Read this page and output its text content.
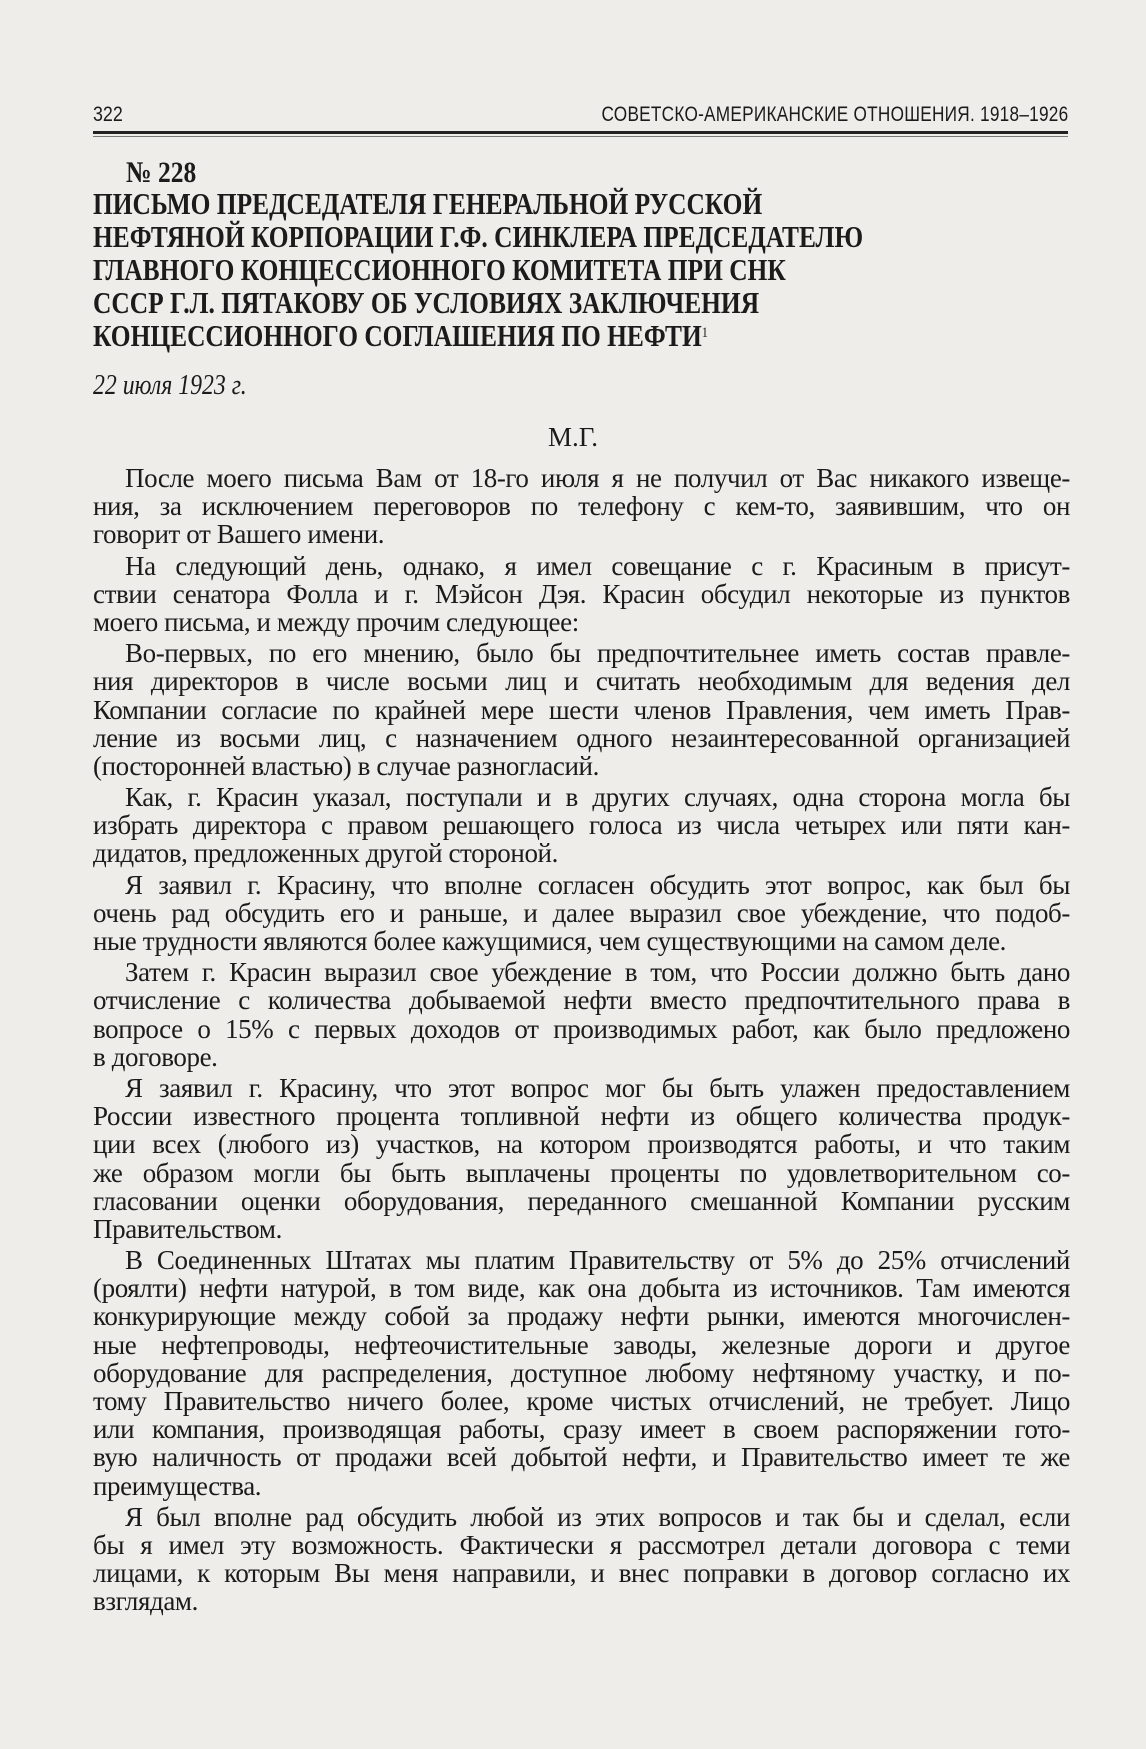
322	СОВЕТСКО-АМЕРИКАНСКИЕ ОТНОШЕНИЯ. 1918–1926
№ 228
ПИСЬМО ПРЕДСЕДАТЕЛЯ ГЕНЕРАЛЬНОЙ РУССКОЙ
НЕФТЯНОЙ КОРПОРАЦИИ Г.Ф. СИНКЛЕРА ПРЕДСЕДАТЕЛЮ
ГЛАВНОГО КОНЦЕССИОННОГО КОМИТЕТА ПРИ СНК
СССР Г.Л. ПЯТАКОВУ ОБ УСЛОВИЯХ ЗАКЛЮЧЕНИЯ
КОНЦЕССИОННОГО СОГЛАШЕНИЯ ПО НЕФТИ$^1$
22 июля 1923 г.
М.Г.
После моего письма Вам от 18-го июля я не получил от Вас никакого извеще-
ния, за исключением переговоров по телефону с кем-то, заявившим, что он
говорит от Вашего имени.
На следующий день, однако, я имел совещание с г. Красиным в присут-
ствии сенатора Фолла и г. Мэйсон Дэя. Красин обсудил некоторые из пунктов
моего письма, и между прочим следующее:
Во-первых, по его мнению, было бы предпочтительнее иметь состав правле-
ния директоров в числе восьми лиц и считать необходимым для ведения дел
Компании согласие по крайней мере шести членов Правления, чем иметь Прав-
ление из восьми лиц, с назначением одного незаинтересованной организацией
(посторонней властью) в случае разногласий.
Как, г. Красин указал, поступали и в других случаях, одна сторона могла бы
избрать директора с правом решающего голоса из числа четырех или пяти кан-
дидатов, предложенных другой стороной.
Я заявил г. Красину, что вполне согласен обсудить этот вопрос, как был бы
очень рад обсудить его и раньше, и далее выразил свое убеждение, что подоб-
ные трудности являются более кажущимися, чем существующими на самом деле.
Затем г. Красин выразил свое убеждение в том, что России должно быть дано
отчисление с количества добываемой нефти вместо предпочтительного права в
вопросе о 15% с первых доходов от производимых работ, как было предложено
в договоре.
Я заявил г. Красину, что этот вопрос мог бы быть улажен предоставлением
России известного процента топливной нефти из общего количества продук-
ции всех (любого из) участков, на котором производятся работы, и что таким
же образом могли бы быть выплачены проценты по удовлетворительном со-
гласовании оценки оборудования, переданного смешанной Компании русским
Правительством.
В Соединенных Штатах мы платим Правительству от 5% до 25% отчислений
(роялти) нефти натурой, в том виде, как она добыта из источников. Там имеются
конкурирующие между собой за продажу нефти рынки, имеются многочислен-
ные нефтепроводы, нефтеочистительные заводы, железные дороги и другое
оборудование для распределения, доступное любому нефтяному участку, и по-
тому Правительство ничего более, кроме чистых отчислений, не требует. Лицо
или компания, производящая работы, сразу имеет в своем распоряжении гото-
вую наличность от продажи всей добытой нефти, и Правительство имеет те же
преимущества.
Я был вполне рад обсудить любой из этих вопросов и так бы и сделал, если
бы я имел эту возможность. Фактически я рассмотрел детали договора с теми
лицами, к которым Вы меня направили, и внес поправки в договор согласно их
взглядам.
